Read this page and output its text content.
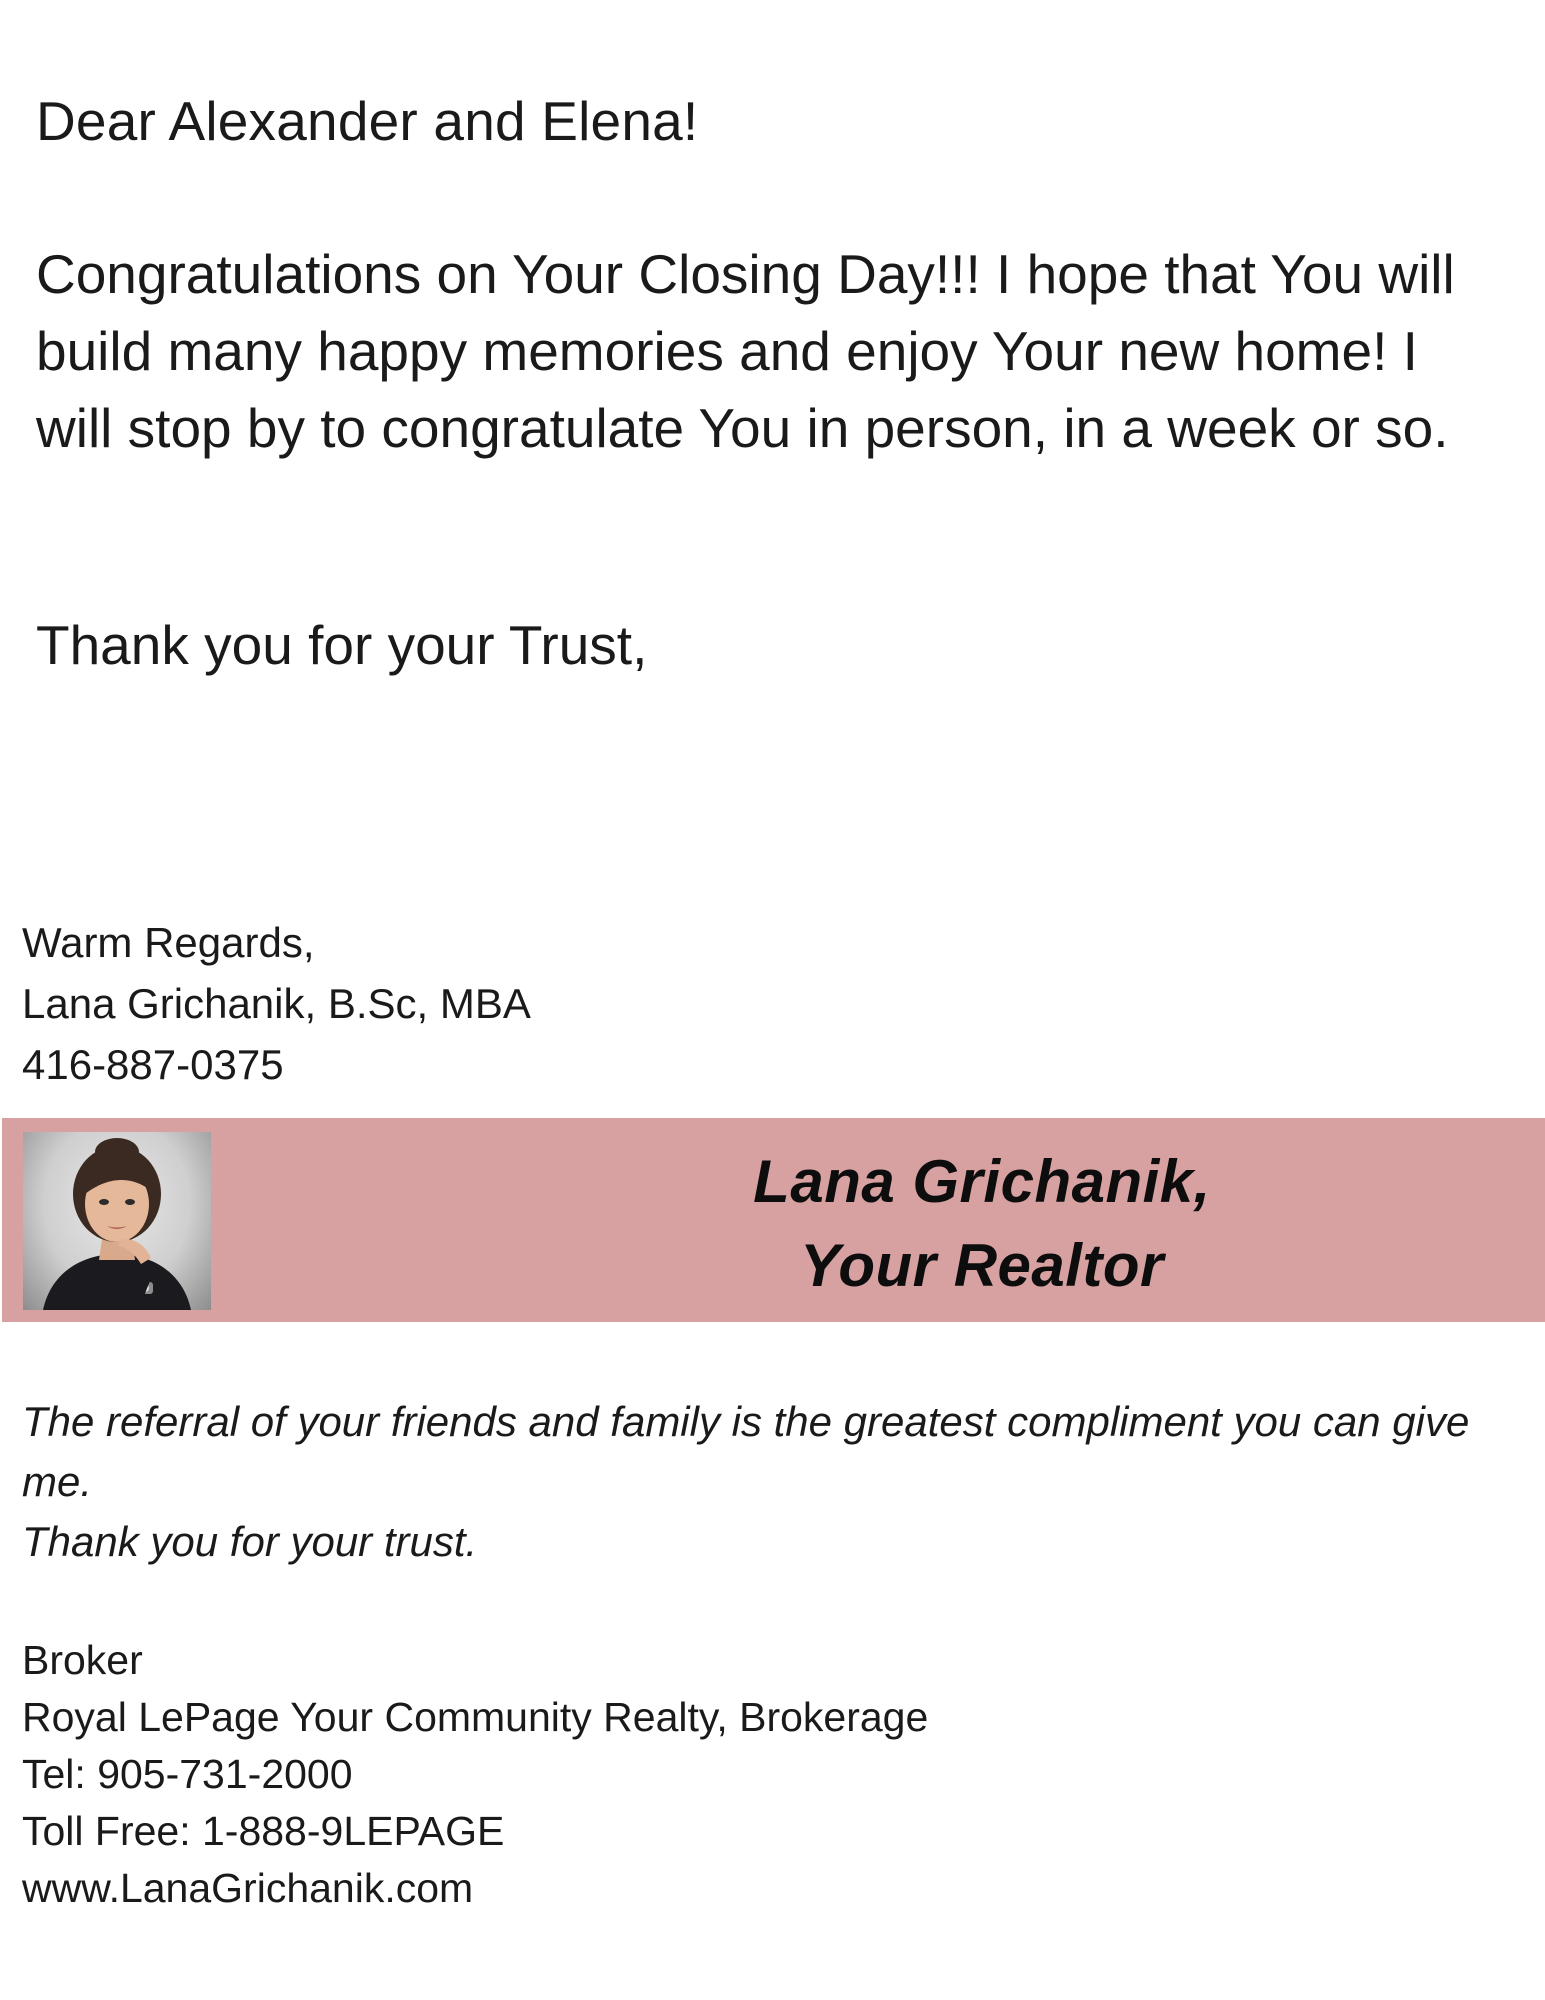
Dear Alexander and Elena!
Congratulations on Your Closing Day!!! I hope that You will
build many happy memories and enjoy Your new home! I
will stop by to congratulate You in person, in a week or so.
Thank you for your Trust,
Warm Regards,
Lana Grichanik, B.Sc, MBA
416-887-0375
Lana Grichanik,
Your Realtor
The referral of your friends and family is the greatest compliment you can give
me.
Thank you for your trust.
Broker
Royal LePage Your Community Realty, Brokerage
Tel: 905-731-2000
Toll Free: 1-888-9LEPAGE
www.LanaGrichanik.com
